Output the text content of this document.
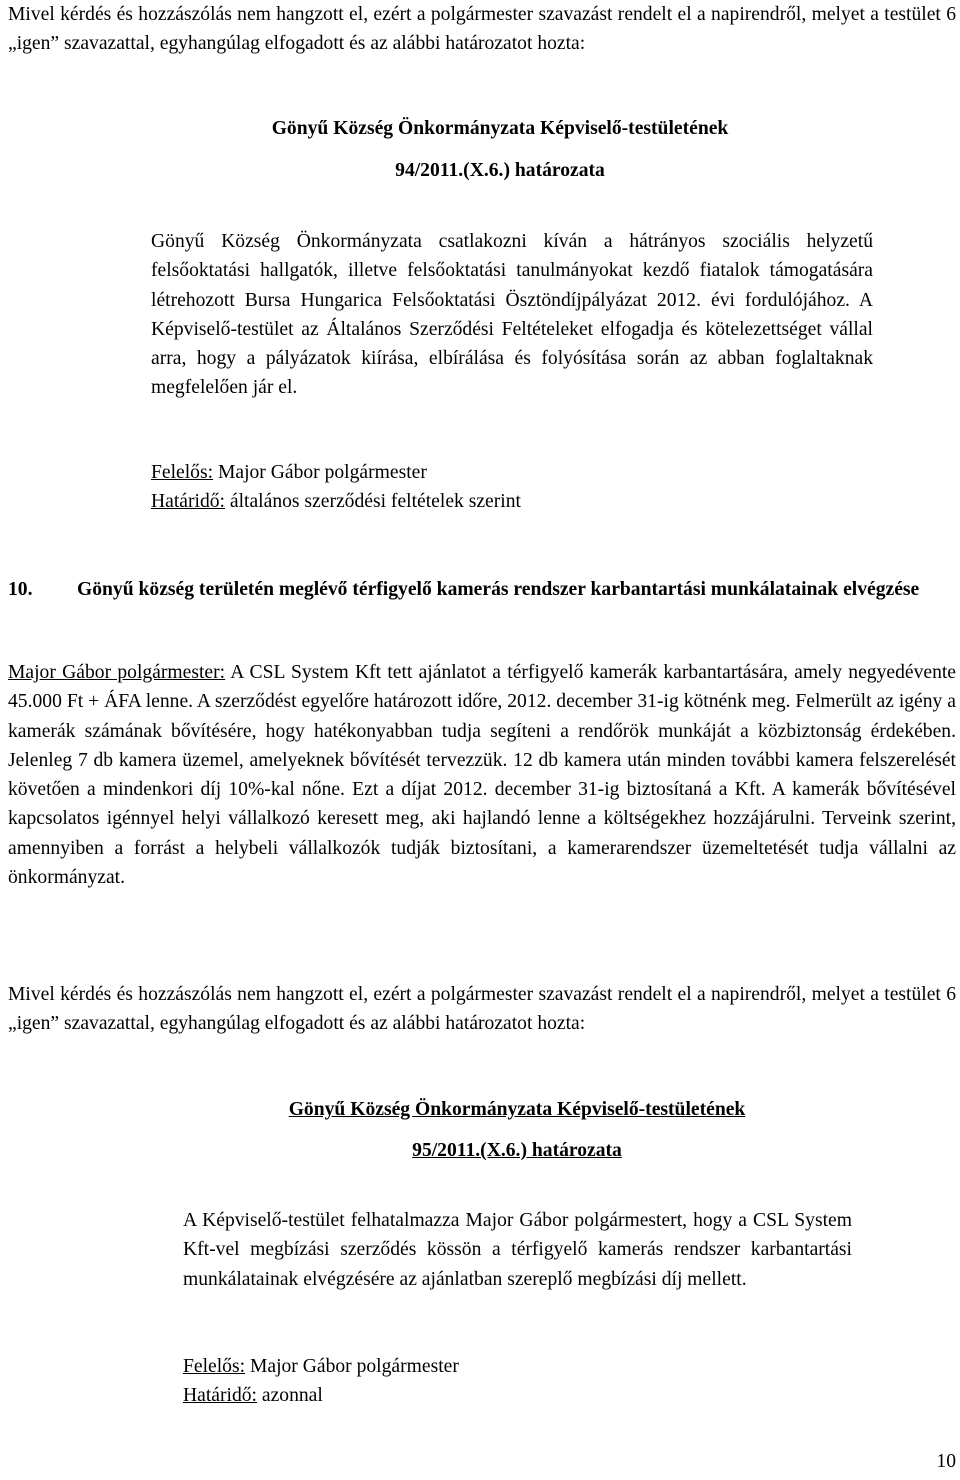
Mivel kérdés és hozzászólás nem hangzott el, ezért a polgármester szavazást rendelt el a napirendről, melyet a testület 6 „igen” szavazattal, egyhangúlag elfogadott és az alábbi határozatot hozta:

Gönyű Község Önkormányzata Képviselő-testületének
94/2011.(X.6.) határozata

Gönyű Község Önkormányzata csatlakozni kíván a hátrányos szociális helyzetű felsőoktatási hallgatók, illetve felsőoktatási tanulmányokat kezdő fiatalok támogatására létrehozott Bursa Hungarica Felsőoktatási Ösztöndíjpályázat 2012. évi fordulójához. A Képviselő-testület az Általános Szerződési Feltételeket elfogadja és kötelezettséget vállal arra, hogy a pályázatok kiírása, elbírálása és folyósítása során az abban foglaltaknak megfelelően jár el.

Felelős: Major Gábor polgármester
Határidő: általános szerződési feltételek szerint
10.	Gönyű község területén meglévő térfigyelő kamerás rendszer karbantartási munkálatainak elvégzése

Major Gábor polgármester: A CSL System Kft tett ajánlatot a térfigyelő kamerák karbantartására, amely negyedévente 45.000 Ft + ÁFA lenne. A szerződést egyelőre határozott időre, 2012. december 31-ig kötnénk meg. Felmerült az igény a kamerák számának bővítésére, hogy hatékonyabban tudja segíteni a rendőrök munkáját a közbiztonság érdekében. Jelenleg 7 db kamera üzemel, amelyeknek bővítését tervezzük. 12 db kamera után minden további kamera felszerelését követően a mindenkori díj 10%-kal nőne. Ezt a díjat 2012. december 31-ig biztosítaná a Kft. A kamerák bővítésével kapcsolatos igénnyel helyi vállalkozó keresett meg, aki hajlandó lenne a költségekhez hozzájárulni. Terveink szerint, amennyiben a forrást a helybeli vállalkozók tudják biztosítani, a kamerarendszer üzemeltetését tudja vállalni az önkormányzat.

Mivel kérdés és hozzászólás nem hangzott el, ezért a polgármester szavazást rendelt el a napirendről, melyet a testület 6 „igen” szavazattal, egyhangúlag elfogadott és az alábbi határozatot hozta:

Gönyű Község Önkormányzata Képviselő-testületének
95/2011.(X.6.) határozata

A Képviselő-testület felhatalmazza Major Gábor polgármestert, hogy a CSL System Kft-vel megbízási szerződés kössön a térfigyelő kamerás rendszer karbantartási munkálatainak elvégzésére az ajánlatban szereplő megbízási díj mellett.

Felelős: Major Gábor polgármester
Határidő: azonnal
10
